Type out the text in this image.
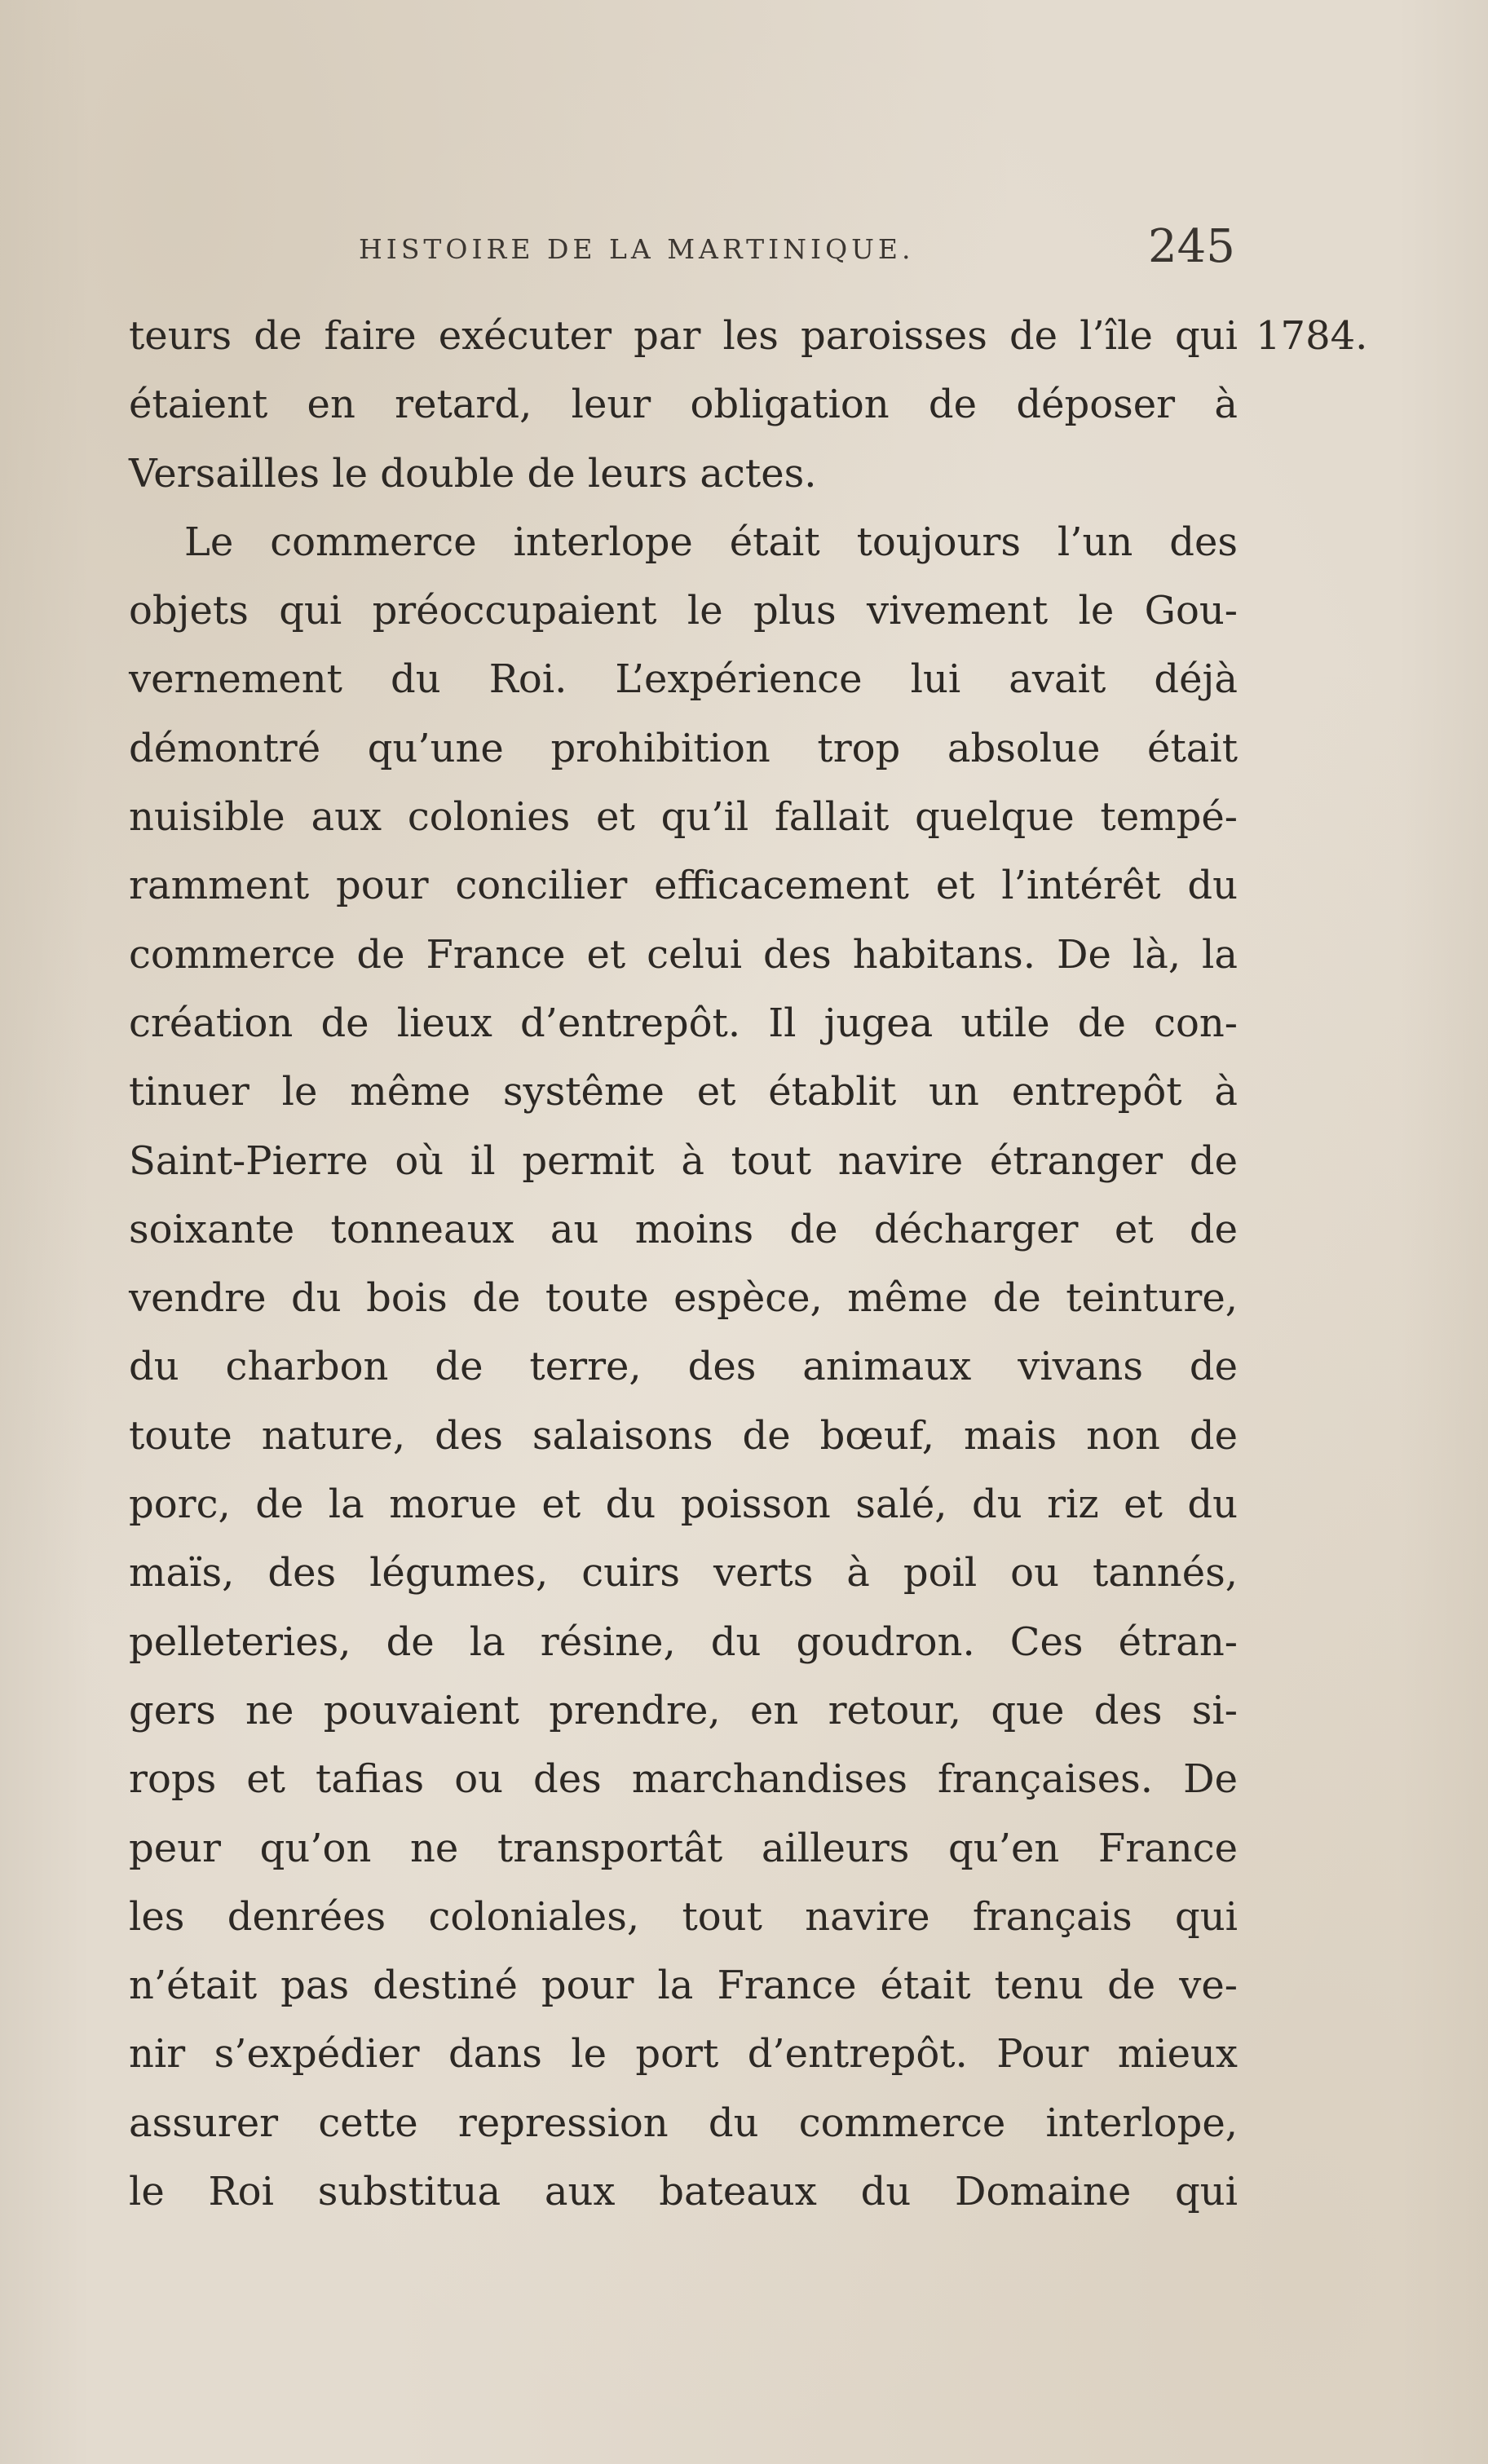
HISTOIRE DE LA MARTINIQUE.	245
1784.
teurs de faire exécuter par les paroisses de l’île qui
étaient en retard, leur obligation de déposer à
Versailles le double de leurs actes.
Le commerce interlope était toujours l’un des
objets qui préoccupaient le plus vivement le Gou-
vernement du Roi. L’expérience lui avait déjà
démontré qu’une prohibition trop absolue était
nuisible aux colonies et qu’il fallait quelque tempé-
ramment pour concilier efficacement et l’intérêt du
commerce de France et celui des habitans. De là, la
création de lieux d’entrepôt. Il jugea utile de con-
tinuer le même systême et établit un entrepôt à
Saint-Pierre où il permit à tout navire étranger de
soixante tonneaux au moins de décharger et de
vendre du bois de toute espèce, même de teinture,
du charbon de terre, des animaux vivans de
toute nature, des salaisons de bœuf, mais non de
porc, de la morue et du poisson salé, du riz et du
maïs, des légumes, cuirs verts à poil ou tannés,
pelleteries, de la résine, du goudron. Ces étran-
gers ne pouvaient prendre, en retour, que des si-
rops et tafias ou des marchandises françaises. De
peur qu’on ne transportât ailleurs qu’en France
les denrées coloniales, tout navire français qui
n’était pas destiné pour la France était tenu de ve-
nir s’expédier dans le port d’entrepôt. Pour mieux
assurer cette repression du commerce interlope,
le Roi substitua aux bateaux du Domaine qui
